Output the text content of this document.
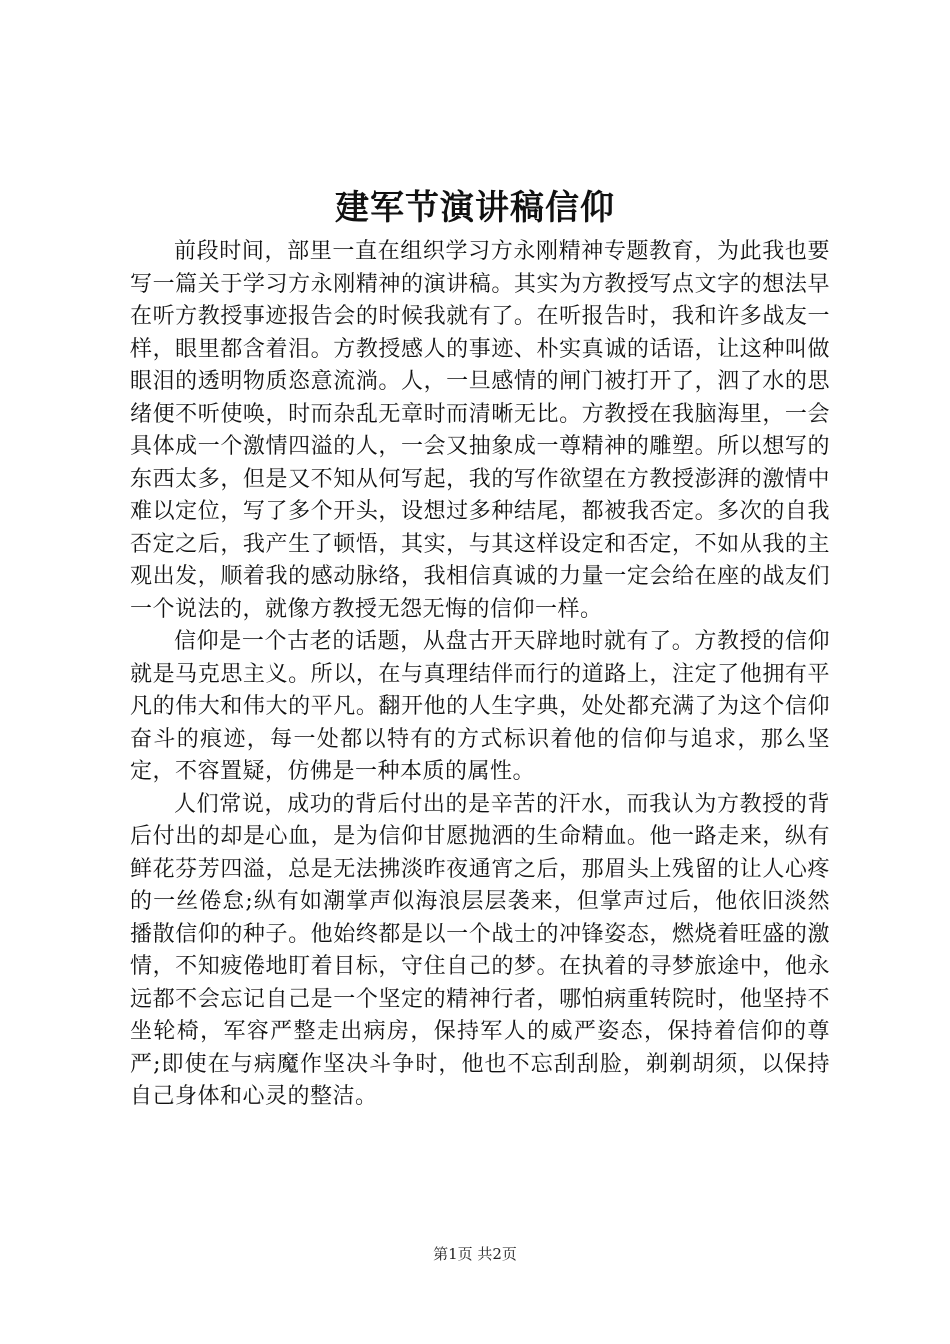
建军节演讲稿信仰

前段时间，部里一直在组织学习方永刚精神专题教育，为此我也要写一篇关于学习方永刚精神的演讲稿。其实为方教授写点文字的想法早在听方教授事迹报告会的时候我就有了。在听报告时，我和许多战友一样，眼里都含着泪。方教授感人的事迹、朴实真诚的话语，让这种叫做眼泪的透明物质恣意流淌。人，一旦感情的闸门被打开了，泗了水的思绪便不听使唤，时而杂乱无章时而清晰无比。方教授在我脑海里，一会具体成一个激情四溢的人，一会又抽象成一尊精神的雕塑。所以想写的东西太多，但是又不知从何写起，我的写作欲望在方教授澎湃的激情中难以定位，写了多个开头，设想过多种结尾，都被我否定。多次的自我否定之后，我产生了顿悟，其实，与其这样设定和否定，不如从我的主观出发，顺着我的感动脉络，我相信真诚的力量一定会给在座的战友们一个说法的，就像方教授无怨无悔的信仰一样。

信仰是一个古老的话题，从盘古开天辟地时就有了。方教授的信仰就是马克思主义。所以，在与真理结伴而行的道路上，注定了他拥有平凡的伟大和伟大的平凡。翻开他的人生字典，处处都充满了为这个信仰奋斗的痕迹，每一处都以特有的方式标识着他的信仰与追求，那么坚定，不容置疑，仿佛是一种本质的属性。

人们常说，成功的背后付出的是辛苦的汗水，而我认为方教授的背后付出的却是心血，是为信仰甘愿抛洒的生命精血。他一路走来，纵有鲜花芬芳四溢，总是无法拂淡昨夜通宵之后，那眉头上残留的让人心疼的一丝倦怠;纵有如潮掌声似海浪层层袭来，但掌声过后，他依旧淡然播散信仰的种子。他始终都是以一个战士的冲锋姿态，燃烧着旺盛的激情，不知疲倦地盯着目标，守住自己的梦。在执着的寻梦旅途中，他永远都不会忘记自己是一个坚定的精神行者，哪怕病重转院时，他坚持不坐轮椅，军容严整走出病房，保持军人的威严姿态，保持着信仰的尊严;即使在与病魔作坚决斗争时，他也不忘刮刮脸，剃剃胡须，以保持自己身体和心灵的整洁。

第1页 共2页
